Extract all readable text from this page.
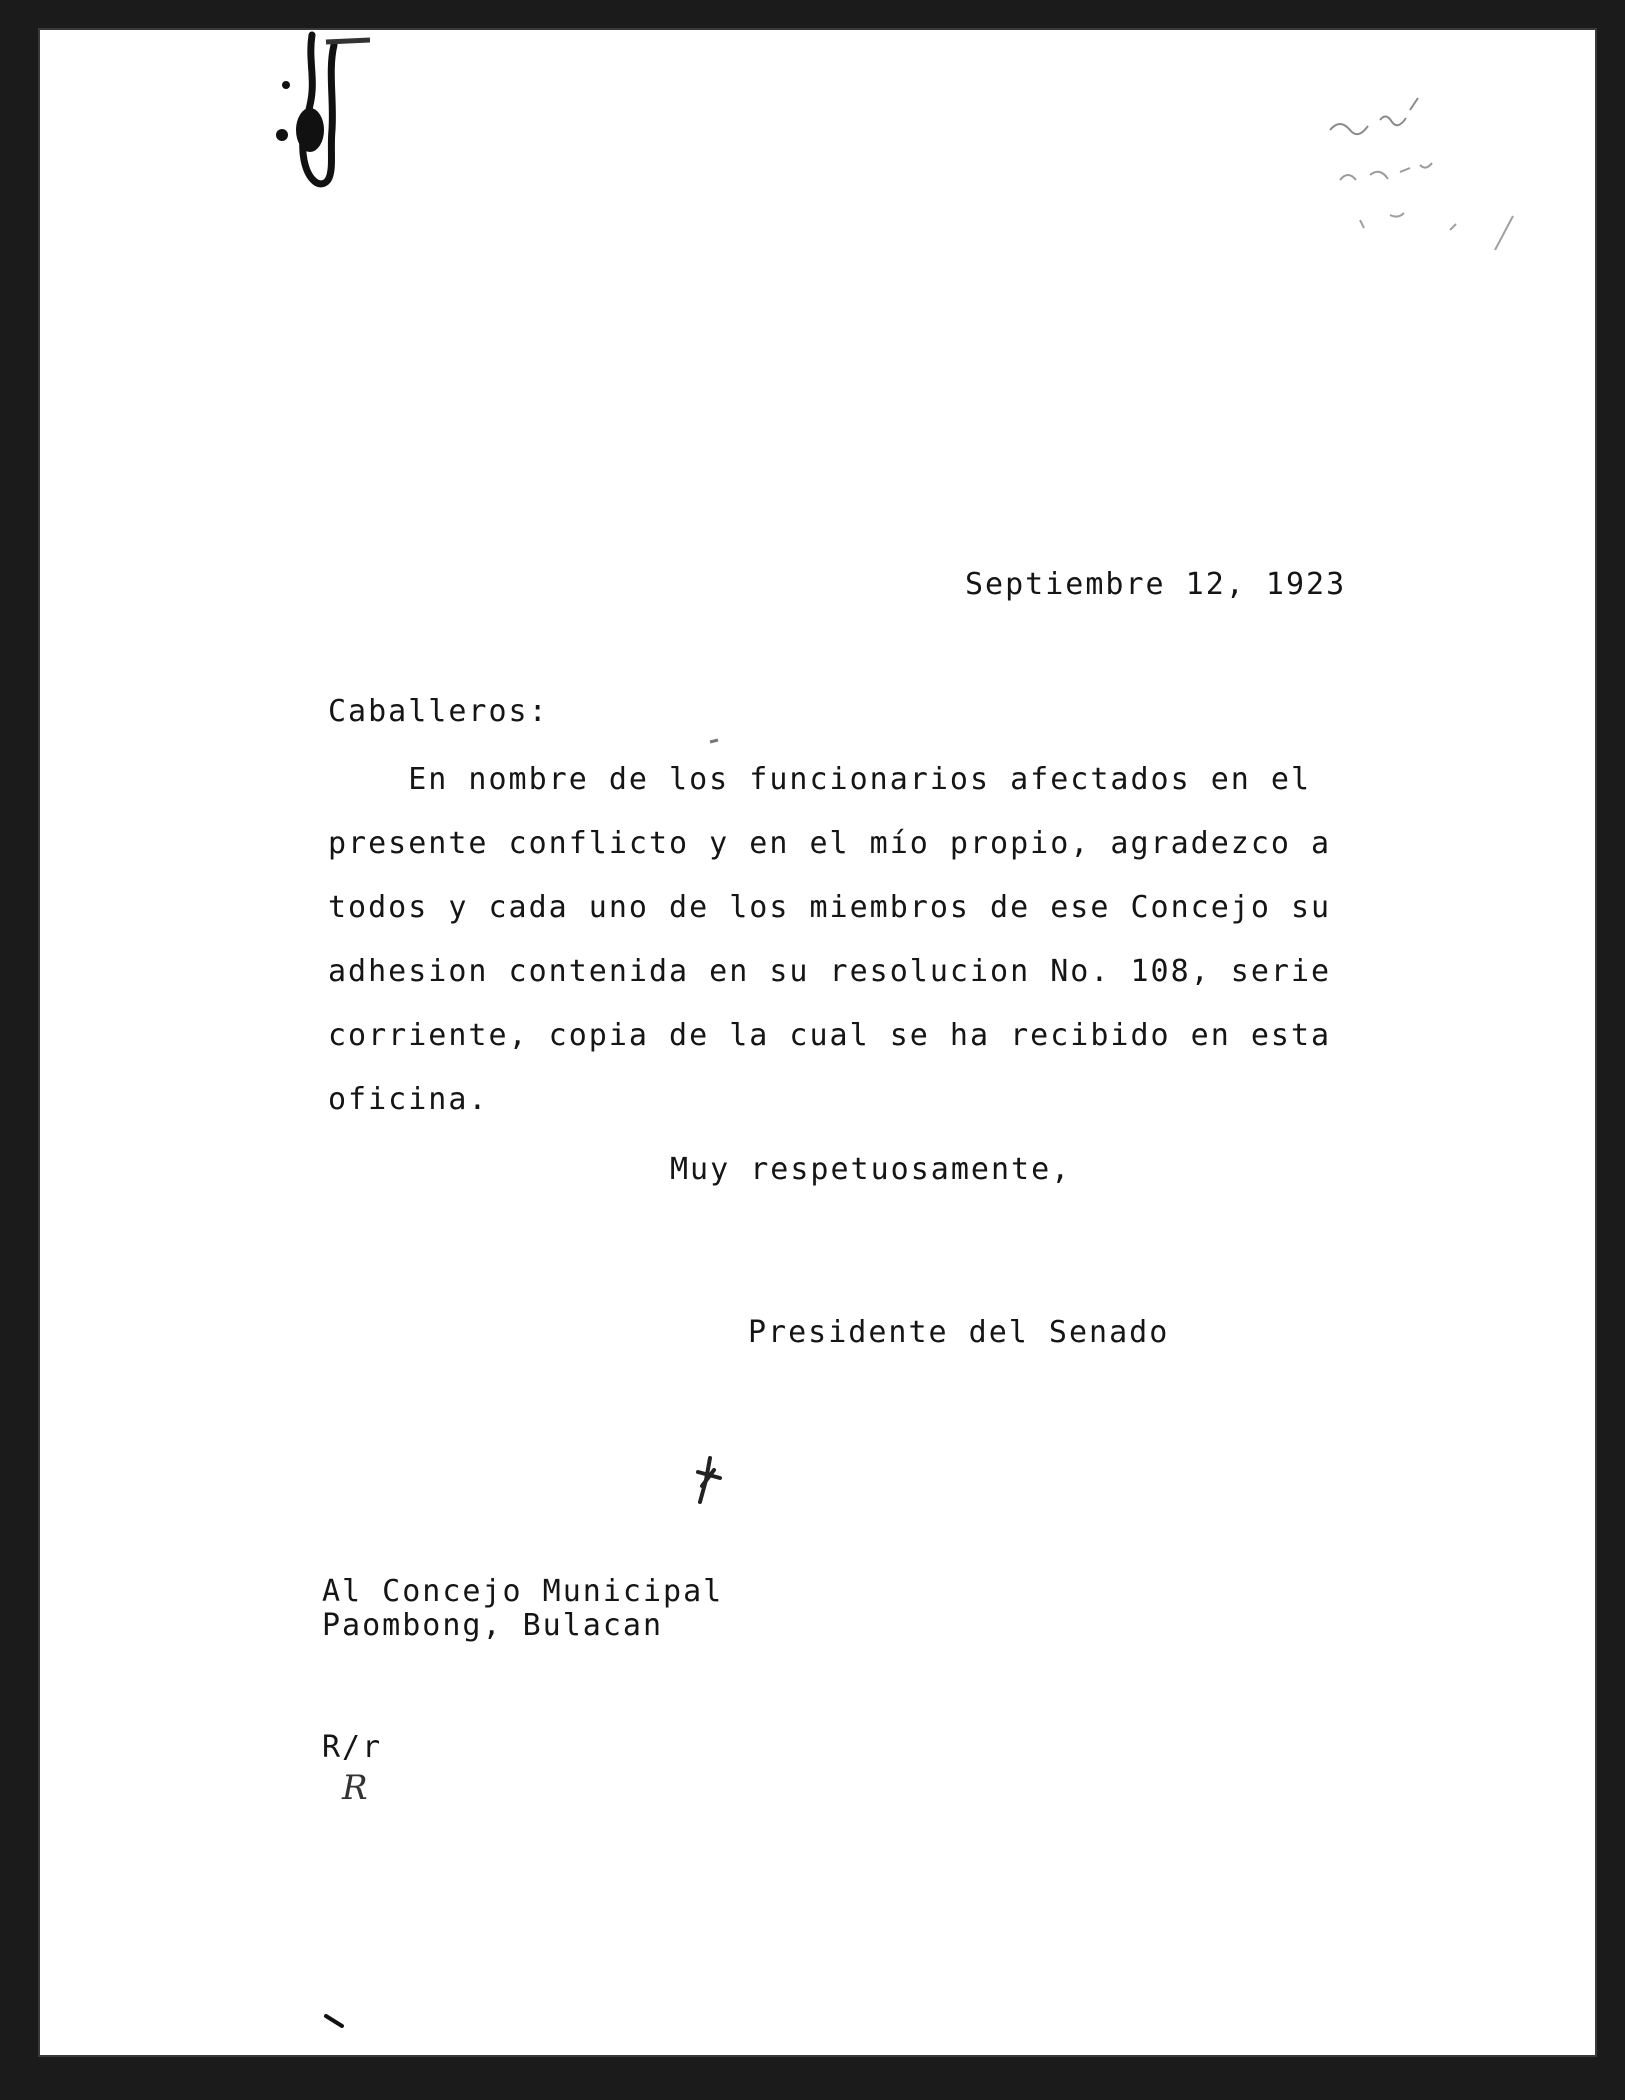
Septiembre 12, 1923
Caballeros:
En nombre de los funcionarios afectados en el
presente conflicto y en el mío propio, agradezco a
todos y cada uno de los miembros de ese Concejo su
adhesion contenida en su resolucion No. 108, serie
corriente, copia de la cual se ha recibido en esta
oficina.
Muy respetuosamente,
Presidente del Senado
Al Concejo Municipal
Paombong, Bulacan
R/r
R
